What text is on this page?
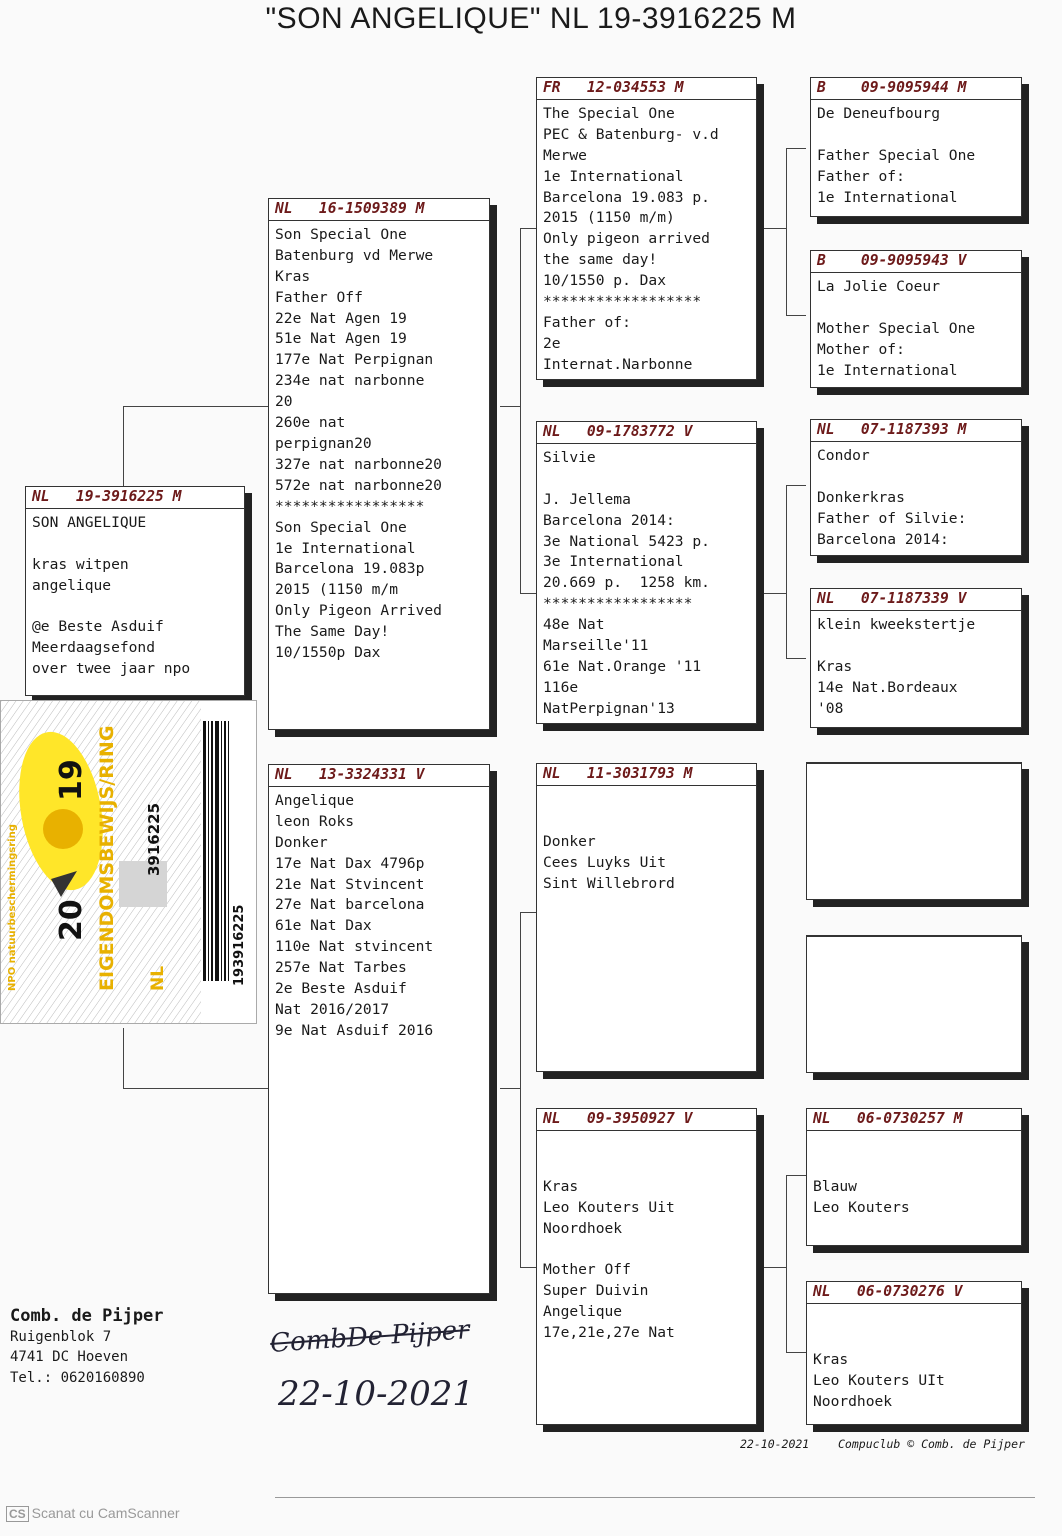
"SON ANGELIQUE" NL 19-3916225 M
NL   19-3916225 M
SON ANGELIQUE
kras witpen
angelique
@e Beste Asduif
Meerdaagsefond
over twee jaar npo
NL   16-1509389 M
Son Special One
Batenburg vd Merwe
Kras
Father Off
22e Nat Agen 19
51e Nat Agen 19
177e Nat Perpignan
234e nat narbonne
20
260e nat
perpignan20
327e nat narbonne20
572e nat narbonne20
*****************
Son Special One
1e International
Barcelona 19.083p
2015 (1150 m/m
Only Pigeon Arrived
The Same Day!
10/1550p Dax
NL   13-3324331 V
Angelique
leon Roks
Donker
17e Nat Dax 4796p
21e Nat Stvincent
27e Nat barcelona
61e Nat Dax
110e Nat stvincent
257e Nat Tarbes
2e Beste Asduif
Nat 2016/2017
9e Nat Asduif 2016
FR   12-034553 M
The Special One
PEC & Batenburg- v.d
Merwe
1e International
Barcelona 19.083 p.
2015 (1150 m/m)
Only pigeon arrived
the same day!
10/1550 p. Dax
******************
Father of:
2e
Internat.Narbonne
NL   09-1783772 V
Silvie
J. Jellema
Barcelona 2014:
3e National 5423 p.
3e International
20.669 p.  1258 km.
*****************
48e Nat
Marseille'11
61e Nat.Orange '11
116e
NatPerpignan'13
NL   11-3031793 M
Donker
Cees Luyks Uit
Sint Willebrord
NL   09-3950927 V
Kras
Leo Kouters Uit
Noordhoek
Mother Off
Super Duivin
Angelique
17e,21e,27e Nat
B    09-9095944 M
De Deneufbourg
Father Special One
Father of:
1e International
B    09-9095943 V
La Jolie Coeur
Mother Special One
Mother of:
1e International
NL   07-1187393 M
Condor
Donkerkras
Father of Silvie:
Barcelona 2014:
NL   07-1187339 V
klein kweekstertje
Kras
14e Nat.Bordeaux
'08
NL   06-0730257 M
Blauw
Leo Kouters
NL   06-0730276 V
Kras
Leo Kouters UIt
Noordhoek
20
19 EIGENDOMSBEWIJS/RING 3916225
NL
NPO natuurbeschermingsring	193916225
Comb. de Pijper
Ruigenblok 7
4741 DC Hoeven
Tel.: 0620160890
CombDe Pijper
22-10-2021
22-10-2021	Compuclub © Comb. de Pijper
CS Scanat cu CamScanner
